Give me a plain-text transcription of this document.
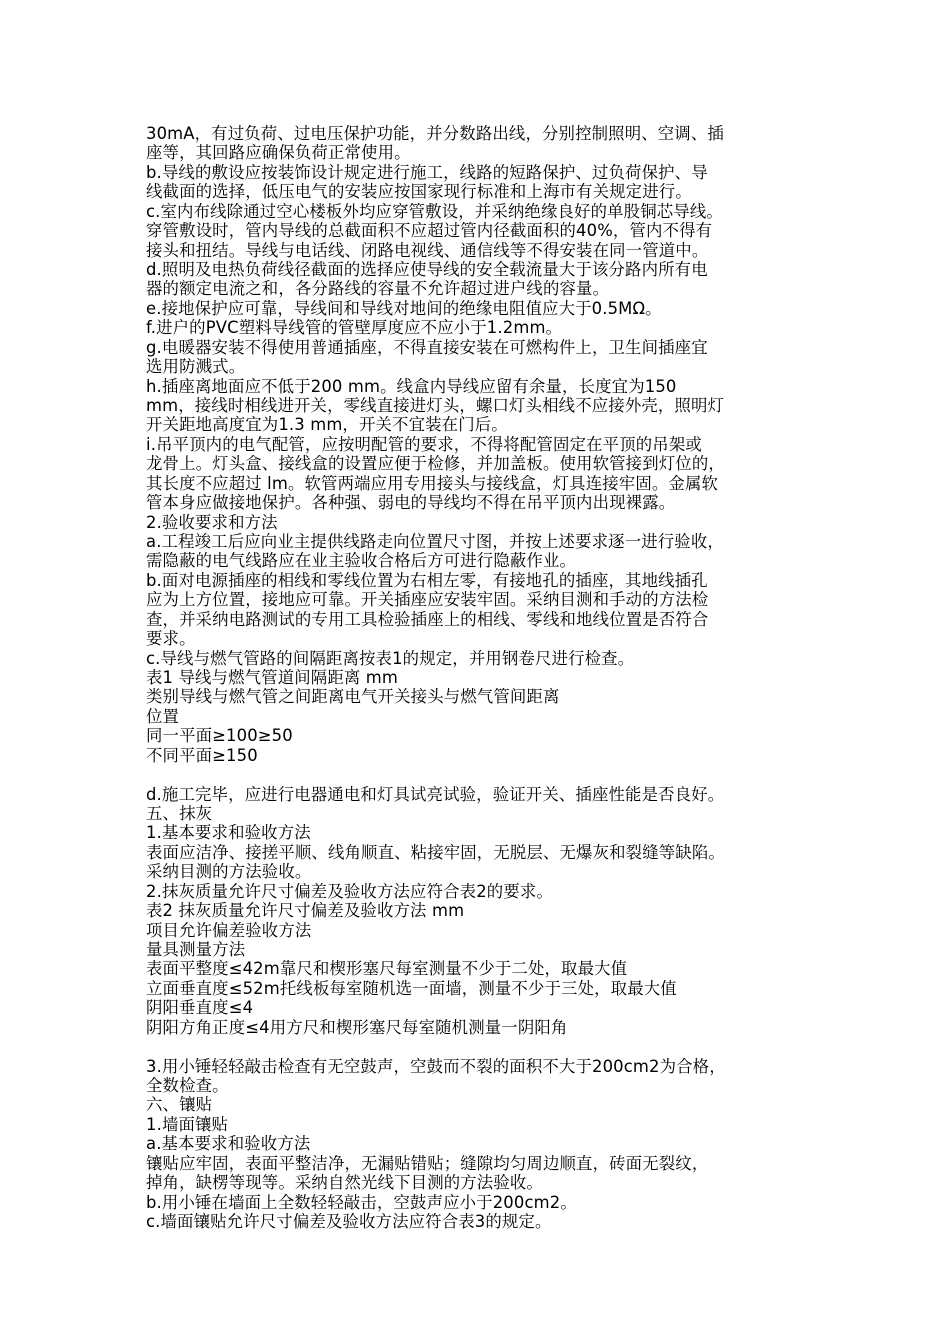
30mA，有过负荷、过电压保护功能，并分数路出线，分别控制照明、空调、插
座等，其回路应确保负荷正常使用。
b.导线的敷设应按装饰设计规定进行施工，线路的短路保护、过负荷保护、导
线截面的选择，低压电气的安装应按国家现行标准和上海市有关规定进行。
c.室内布线除通过空心楼板外均应穿管敷设，并采纳绝缘良好的单股铜芯导线。
穿管敷设时，管内导线的总截面积不应超过管内径截面积的40%，管内不得有
接头和扭结。导线与电话线、闭路电视线、通信线等不得安装在同一管道中。
d.照明及电热负荷线径截面的选择应使导线的安全载流量大于该分路内所有电
器的额定电流之和，各分路线的容量不允许超过进户线的容量。
e.接地保护应可靠，导线间和导线对地间的绝缘电阻值应大于0.5MΩ。
f.进户的PVC塑料导线管的管壁厚度应不应小于1.2mm。
g.电暖器安装不得使用普通插座，不得直接安装在可燃构件上，卫生间插座宜
选用防溅式。
h.插座离地面应不低于200 mm。线盒内导线应留有余量，长度宜为150
mm，接线时相线进开关，零线直接进灯头，螺口灯头相线不应接外壳，照明灯
开关距地高度宜为1.3 mm，开关不宜装在门后。
i.吊平顶内的电气配管，应按明配管的要求，不得将配管固定在平顶的吊架或
龙骨上。灯头盒、接线盒的设置应便于检修，并加盖板。使用软管接到灯位的，
其长度不应超过 lm。软管两端应用专用接头与接线盒，灯具连接牢固。金属软
管本身应做接地保护。各种强、弱电的导线均不得在吊平顶内出现裸露。
2.验收要求和方法
a.工程竣工后应向业主提供线路走向位置尺寸图，并按上述要求逐一进行验收，
需隐蔽的电气线路应在业主验收合格后方可进行隐蔽作业。
b.面对电源插座的相线和零线位置为右相左零，有接地孔的插座，其地线插孔
应为上方位置，接地应可靠。开关插座应安装牢固。采纳目测和手动的方法检
查，并采纳电路测试的专用工具检验插座上的相线、零线和地线位置是否符合
要求。
c.导线与燃气管路的间隔距离按表1的规定，并用钢卷尺进行检查。
表1 导线与燃气管道间隔距离 mm
类别导线与燃气管之间距离电气开关接头与燃气管间距离
位置
同一平面≥100≥50
不同平面≥150
d.施工完毕，应进行电器通电和灯具试亮试验，验证开关、插座性能是否良好。
五、抹灰
1.基本要求和验收方法
表面应洁净、接搓平顺、线角顺直、粘接牢固，无脱层、无爆灰和裂缝等缺陷。
采纳目测的方法验收。
2.抹灰质量允许尺寸偏差及验收方法应符合表2的要求。
表2 抹灰质量允许尺寸偏差及验收方法 mm
项目允许偏差验收方法
量具测量方法
表面平整度≤42m靠尺和楔形塞尺每室测量不少于二处，取最大值
立面垂直度≤52m托线板每室随机选一面墙，测量不少于三处，取最大值
阴阳垂直度≤4
阴阳方角正度≤4用方尺和楔形塞尺每室随机测量一阴阳角
3.用小锤轻轻敲击检查有无空鼓声，空鼓而不裂的面积不大于200cm2为合格，
全数检查。
六、镶贴
1.墙面镶贴
a.基本要求和验收方法
镶贴应牢固，表面平整洁净，无漏贴错贴；缝隙均匀周边顺直，砖面无裂纹，
掉角，缺楞等现等。采纳自然光线下目测的方法验收。
b.用小锤在墙面上全数轻轻敲击，空鼓声应小于200cm2。
c.墙面镶贴允许尺寸偏差及验收方法应符合表3的规定。
